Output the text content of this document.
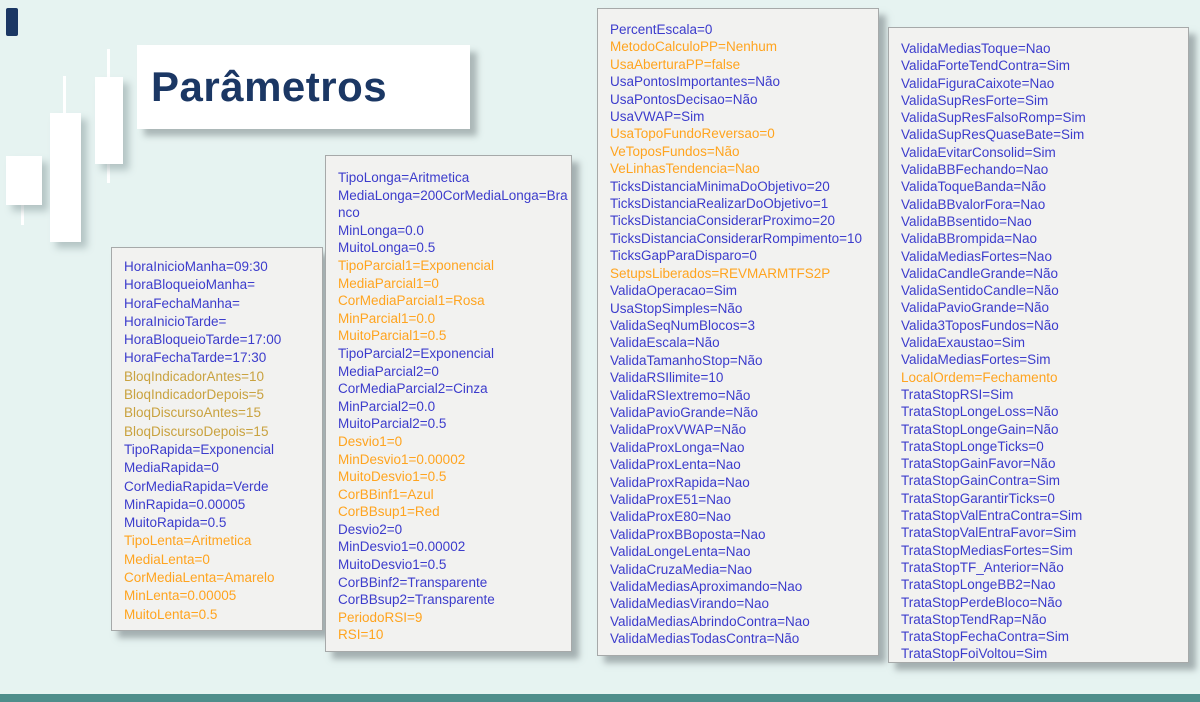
Parâmetros
HoraInicioManha=09:30
HoraBloqueioManha=
HoraFechaManha=
HoraInicioTarde=
HoraBloqueioTarde=17:00
HoraFechaTarde=17:30
BloqIndicadorAntes=10
BloqIndicadorDepois=5
BloqDiscursoAntes=15
BloqDiscursoDepois=15
TipoRapida=Exponencial
MediaRapida=0
CorMediaRapida=Verde
MinRapida=0.00005
MuitoRapida=0.5
TipoLenta=Aritmetica
MediaLenta=0
CorMediaLenta=Amarelo
MinLenta=0.00005
MuitoLenta=0.5
TipoLonga=Aritmetica
MediaLonga=200CorMediaLonga=Bra
nco
MinLonga=0.0
MuitoLonga=0.5
TipoParcial1=Exponencial
MediaParcial1=0
CorMediaParcial1=Rosa
MinParcial1=0.0
MuitoParcial1=0.5
TipoParcial2=Exponencial
MediaParcial2=0
CorMediaParcial2=Cinza
MinParcial2=0.0
MuitoParcial2=0.5
Desvio1=0
MinDesvio1=0.00002
MuitoDesvio1=0.5
CorBBinf1=Azul
CorBBsup1=Red
Desvio2=0
MinDesvio1=0.00002
MuitoDesvio1=0.5
CorBBinf2=Transparente
CorBBsup2=Transparente
PeriodoRSI=9
RSI=10
PercentEscala=0
MetodoCalculoPP=Nenhum
UsaAberturaPP=false
UsaPontosImportantes=Não
UsaPontosDecisao=Não
UsaVWAP=Sim
UsaTopoFundoReversao=0
VeToposFundos=Não
VeLinhasTendencia=Nao
TicksDistanciaMinimaDoObjetivo=20
TicksDistanciaRealizarDoObjetivo=1
TicksDistanciaConsiderarProximo=20
TicksDistanciaConsiderarRompimento=10
TicksGapParaDisparo=0
SetupsLiberados=REVMARMTFS2P
ValidaOperacao=Sim
UsaStopSimples=Não
ValidaSeqNumBlocos=3
ValidaEscala=Não
ValidaTamanhoStop=Não
ValidaRSIlimite=10
ValidaRSIextremo=Não
ValidaPavioGrande=Não
ValidaProxVWAP=Não
ValidaProxLonga=Nao
ValidaProxLenta=Nao
ValidaProxRapida=Nao
ValidaProxE51=Nao
ValidaProxE80=Nao
ValidaProxBBoposta=Nao
ValidaLongeLenta=Nao
ValidaCruzaMedia=Nao
ValidaMediasAproximando=Nao
ValidaMediasVirando=Nao
ValidaMediasAbrindoContra=Nao
ValidaMediasTodasContra=Não
ValidaMediasToque=Nao
ValidaForteTendContra=Sim
ValidaFiguraCaixote=Nao
ValidaSupResForte=Sim
ValidaSupResFalsoRomp=Sim
ValidaSupResQuaseBate=Sim
ValidaEvitarConsolid=Sim
ValidaBBFechando=Nao
ValidaToqueBanda=Não
ValidaBBvalorFora=Nao
ValidaBBsentido=Nao
ValidaBBrompida=Nao
ValidaMediasFortes=Nao
ValidaCandleGrande=Não
ValidaSentidoCandle=Não
ValidaPavioGrande=Não
Valida3ToposFundos=Não
ValidaExaustao=Sim
ValidaMediasFortes=Sim
LocalOrdem=Fechamento
TrataStopRSI=Sim
TrataStopLongeLoss=Não
TrataStopLongeGain=Não
TrataStopLongeTicks=0
TrataStopGainFavor=Não
TrataStopGainContra=Sim
TrataStopGarantirTicks=0
TrataStopValEntraContra=Sim
TrataStopValEntraFavor=Sim
TrataStopMediasFortes=Sim
TrataStopTF_Anterior=Não
TrataStopLongeBB2=Nao
TrataStopPerdeBloco=Não
TrataStopTendRap=Não
TrataStopFechaContra=Sim
TrataStopFoiVoltou=Sim
